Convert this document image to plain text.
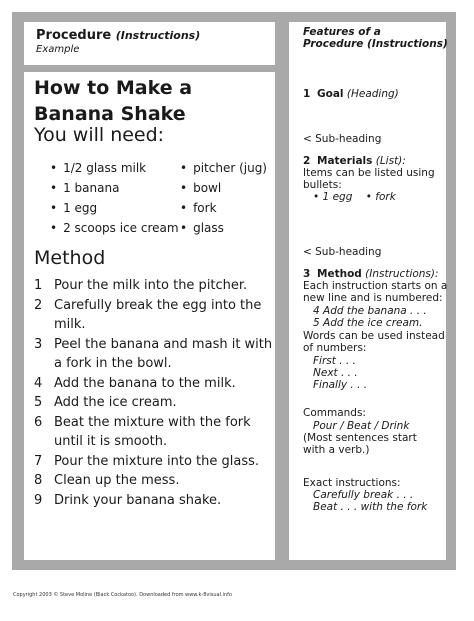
Procedure (Instructions)
Example
How to Make a
Banana Shake
You will need:
• 1/2 glass milk	• pitcher (jug)
• 1 banana	• bowl
• 1 egg	• fork
• 2 scoops ice cream • glass
Method
1 Pour the milk into the pitcher.
2 Carefully break the egg into the milk.
3 Peel the banana and mash it with a fork in the bowl.
4 Add the banana to the milk.
5 Add the ice cream.
6 Beat the mixture with the fork until it is smooth.
7 Pour the mixture into the glass.
8 Clean up the mess.
9 Drink your banana shake.
Features of a
Procedure (Instructions)
1 Goal (Heading)
< Sub-heading
2 Materials (List):
Items can be listed using
bullets:
• 1 egg • fork
< Sub-heading
3 Method (Instructions):
Each instruction starts on a
new line and is numbered:
4 Add the banana . . .
5 Add the ice cream.
Words can be used instead
of numbers:
First . . .
Next . . .
Finally . . .
Commands:
Pour / Beat / Drink
(Most sentences start
with a verb.)
Exact instructions:
Carefully break . . .
Beat . . . with the fork
Copyright 2003 © Steve Moline (Black Cockatoo). Downloaded from www.k-8visual.info
